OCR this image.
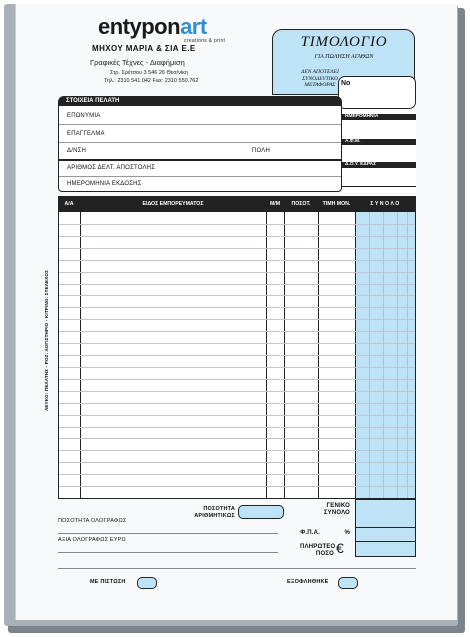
entyponart
creations & print
ΜΗΧΟΥ ΜΑΡΙΑ & ΣΙΑ Ε.Ε
Γραφικές Τέχνες - Διαφήμιση
Στρ. Σρέτσου 3 546 26 Θεσ/νίκη
Τηλ.: 2310 541.042 Fax: 2310 550.762
ΤΙΜΟΛΟΓΙΟ
ΓΙΑ ΠΩΛΗΣΗ ΑΓΑΘΩΝ
ΔΕΝ ΑΠΟΤΕΛΕΙ
ΣΥΝΟΔΕΥΤΙΚΟ
ΜΕΤΑΦΟΡΑΣ No
ΣΤΟΙΧΕΙΑ ΠΕΛΑΤΗ
ΕΠΩΝΥΜΙΑ
ΕΠΑΓΓΕΛΜΑ
Δ/ΝΣΗ	ΠΟΛΗ
ΑΡΙΘΜΟΣ ΔΕΛΤ. ΑΠΟΣΤΟΛΗΣ
ΗΜΕΡΟΜΗΝΙΑ ΕΚΔΟΣΗΣ
ΗΜΕΡΟΜΗΝΙΑ
Α.Φ.Μ.
Δ.Ο.Υ. ΕΔΡΑΣ
Α/Α	ΕΙΔΟΣ ΕΜΠΟΡΕΥΜΑΤΟΣ	Μ/Μ	ΠΟΣΟΤ.	ΤΙΜΗ ΜΟΝ.	ΣΥΝΟΛΟ
ΠΟΣΟΤΗΤΑ ΑΡΙΘΜΗΤΙΚΩΣ
ΓΕΝΙΚΟ ΣΥΝΟΛΟ
Φ.Π.Α.	%
ΠΛΗΡΩΤΕΟ ΠΟΣΟ €
ΠΟΣΟΤΗΤΑ ΟΛΟΓΡΑΦΩΣ
ΑΞΙΑ ΟΛΟΓΡΑΦΩΣ ΕΥΡΩ
ΜΕ ΠΙΣΤΩΣΗ	ΕΞΟΦΛΗΘΗΚΕ
ΛΕΥΚΟ: ΠΕΛΑΤΗΣ - ΡΟΖ: ΛΟΓΙΣΤΗΡΙΟ - ΚΙΤΡΙΝΟ: ΣΤΕΛΕΧΟΣ
